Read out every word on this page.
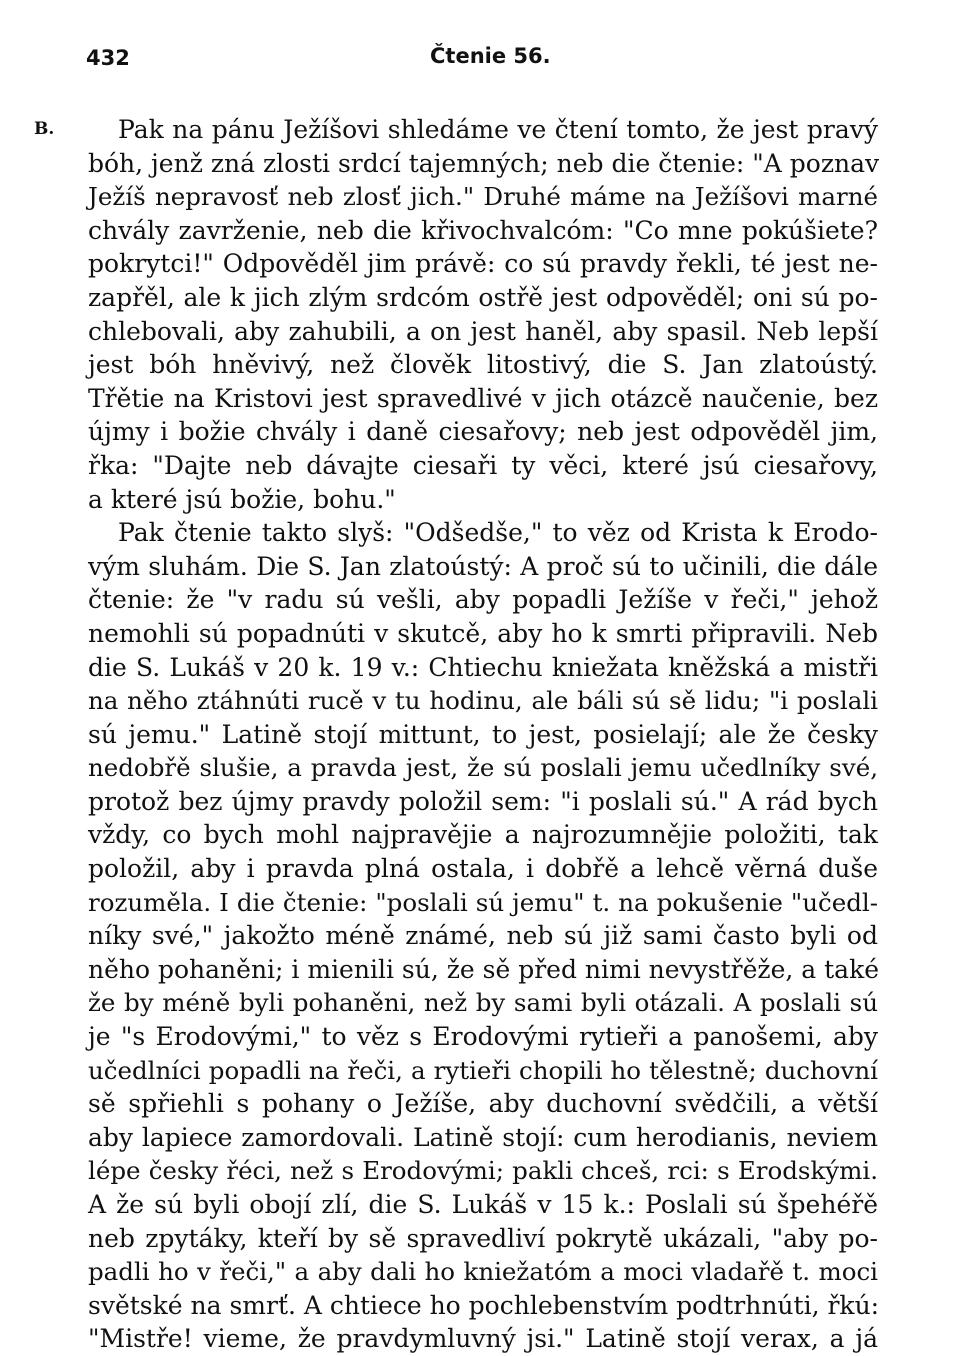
432	Čtenie 56.
B.	Pak na pánu Ježíšovi shledáme ve čtení tomto, že jest pravý
bóh, jenž zná zlosti srdcí tajemných; neb die čtenie: "A poznav
Ježíš nepravosť neb zlosť jich." Druhé máme na Ježíšovi marné
chvály zavrženie, neb die křivochvalcóm: "Co mne pokúšiete?
pokrytci!" Odpověděl jim právě: co sú pravdy řekli, té jest ne-
zapřěl, ale k jich zlým srdcóm ostřě jest odpověděl; oni sú po-
chlebovali, aby zahubili, a on jest haněl, aby spasil. Neb lepší
jest bóh hněvivý, než člověk litostivý, die S. Jan zlatoústý.
Třětie na Kristovi jest spravedlivé v jich otázcě naučenie, bez
újmy i božie chvály i daně ciesařovy; neb jest odpověděl jim,
řka: "Dajte neb dávajte ciesaři ty věci, které jsú ciesařovy,
a které jsú božie, bohu."
Pak čtenie takto slyš: "Odšedše," to věz od Krista k Erodo-
vým sluhám. Die S. Jan zlatoústý: A proč sú to učinili, die dále
čtenie: že "v radu sú vešli, aby popadli Ježíše v řeči," jehož
nemohli sú popadnúti v skutcě, aby ho k smrti připravili. Neb
die S. Lukáš v 20 k. 19 v.: Chtiechu kniežata kněžská a mistři
na něho ztáhnúti rucě v tu hodinu, ale báli sú sě lidu; "i poslali
sú jemu." Latině stojí mittunt, to jest, posielají; ale že česky
nedobřě slušie, a pravda jest, že sú poslali jemu učedlníky své,
protož bez újmy pravdy položil sem: "i poslali sú." A rád bych
vždy, co bych mohl najpravějie a najrozumnějie položiti, tak
položil, aby i pravda plná ostala, i dobřě a lehcě věrná duše
rozuměla. I die čtenie: "poslali sú jemu" t. na pokušenie "učedl-
níky své," jakožto méně známé, neb sú již sami často byli od
něho pohaněni; i mienili sú, že sě před nimi nevystřěže, a také
že by méně byli pohaněni, než by sami byli otázali. A poslali sú
je "s Erodovými," to věz s Erodovými rytieři a panošemi, aby
učedlníci popadli na řeči, a rytieři chopili ho tělestně; duchovní
sě spřiehli s pohany o Ježíše, aby duchovní svědčili, a větší
aby lapiece zamordovali. Latině stojí: cum herodianis, neviem
lépe česky řéci, než s Erodovými; pakli chceš, rci: s Erodskými.
A že sú byli obojí zlí, die S. Lukáš v 15 k.: Poslali sú špehéřě
neb zpytáky, kteří by sě spravedliví pokrytě ukázali, "aby po-
padli ho v řeči," a aby dali ho kniežatóm a moci vladařě t. moci
světské na smrť. A chtiece ho pochlebenstvím podtrhnúti, řkú:
"Mistře! vieme, že pravdymluvný jsi." Latině stojí verax, a já
